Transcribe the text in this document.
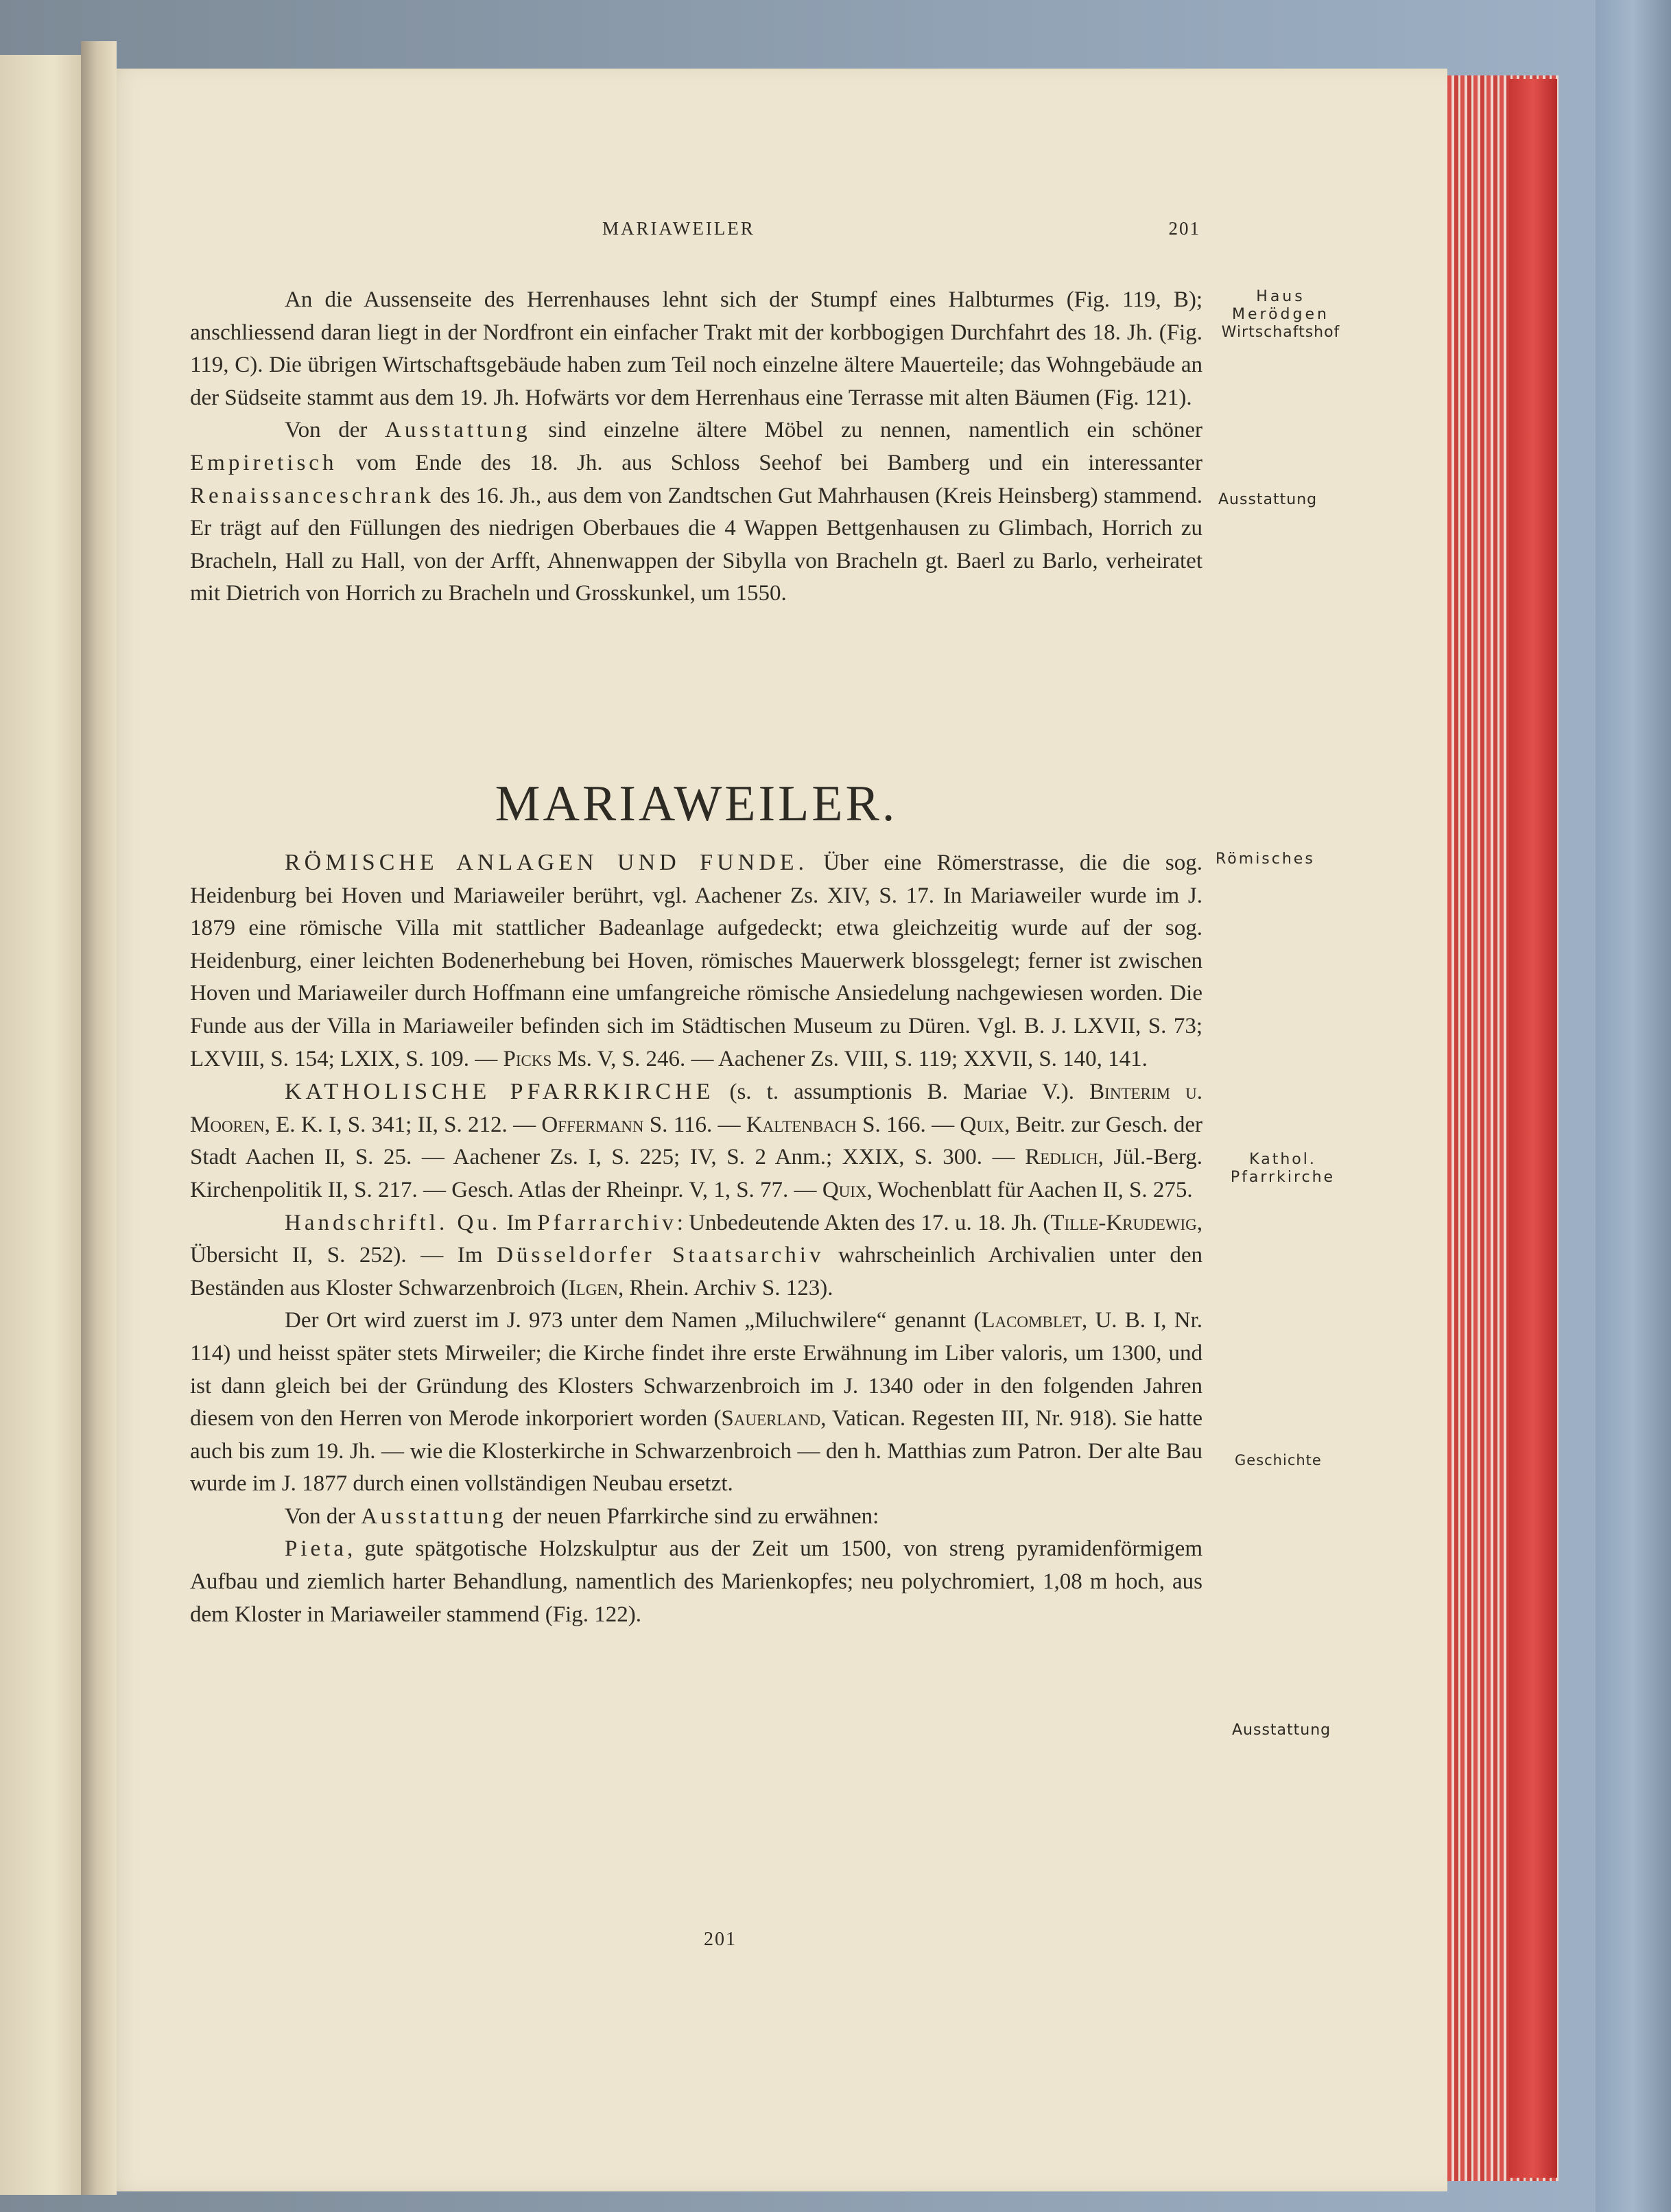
MARIAWEILER	201

An die Aussenseite des Herrenhauses lehnt sich der Stumpf eines Halbturmes (Fig. 119, B); anschliessend daran liegt in der Nordfront ein einfacher Trakt mit der korbbogigen Durchfahrt des 18. Jh. (Fig. 119, C). Die übrigen Wirtschaftsgebäude haben zum Teil noch einzelne ältere Mauerteile; das Wohngebäude an der Südseite stammt aus dem 19. Jh. Hofwärts vor dem Herrenhaus eine Terrasse mit alten Bäumen (Fig. 121).

Von der Ausstattung sind einzelne ältere Möbel zu nennen, namentlich ein schöner Empiretisch vom Ende des 18. Jh. aus Schloss Seehof bei Bamberg und ein interessanter Renaissanceschrank des 16. Jh., aus dem von Zandtschen Gut Mahrhausen (Kreis Heinsberg) stammend. Er trägt auf den Füllungen des niedrigen Oberbaues die 4 Wappen Bettgenhausen zu Glimbach, Horrich zu Bracheln, Hall zu Hall, von der Arfft, Ahnenwappen der Sibylla von Bracheln gt. Baerl zu Barlo, verheiratet mit Dietrich von Horrich zu Bracheln und Grosskunkel, um 1550.

MARIAWEILER.

RÖMISCHE ANLAGEN UND FUNDE. Über eine Römerstrasse, die die sog. Heidenburg bei Hoven und Mariaweiler berührt, vgl. Aachener Zs. XIV, S. 17. In Mariaweiler wurde im J. 1879 eine römische Villa mit stattlicher Badeanlage aufgedeckt; etwa gleichzeitig wurde auf der sog. Heidenburg, einer leichten Bodenerhebung bei Hoven, römisches Mauerwerk blossgelegt; ferner ist zwischen Hoven und Mariaweiler durch Hoffmann eine umfangreiche römische Ansiedelung nachgewiesen worden. Die Funde aus der Villa in Mariaweiler befinden sich im Städtischen Museum zu Düren. Vgl. B. J. LXVII, S. 73; LXVIII, S. 154; LXIX, S. 109. — Picks Ms. V, S. 246. — Aachener Zs. VIII, S. 119; XXVII, S. 140, 141.

KATHOLISCHE PFARRKIRCHE (s. t. assumptionis B. Mariae V.). Binterim u. Mooren, E. K. I, S. 341; II, S. 212. — Offermann S. 116. — Kaltenbach S. 166. — Quix, Beitr. zur Gesch. der Stadt Aachen II, S. 25. — Aachener Zs. I, S. 225; IV, S. 2 Anm.; XXIX, S. 300. — Redlich, Jül.-Berg. Kirchenpolitik II, S. 217. — Gesch. Atlas der Rheinpr. V, 1, S. 77. — Quix, Wochenblatt für Aachen II, S. 275.

Handschriftl. Qu. Im Pfarrarchiv: Unbedeutende Akten des 17. u. 18. Jh. (Tille-Krudewig, Übersicht II, S. 252). — Im Düsseldorfer Staatsarchiv wahrscheinlich Archivalien unter den Beständen aus Kloster Schwarzenbroich (Ilgen, Rhein. Archiv S. 123).

Der Ort wird zuerst im J. 973 unter dem Namen „Miluchwilere“ genannt (Lacomblet, U. B. I, Nr. 114) und heisst später stets Mirweiler; die Kirche findet ihre erste Erwähnung im Liber valoris, um 1300, und ist dann gleich bei der Gründung des Klosters Schwarzenbroich im J. 1340 oder in den folgenden Jahren diesem von den Herren von Merode inkorporiert worden (Sauerland, Vatican. Regesten III, Nr. 918). Sie hatte auch bis zum 19. Jh. — wie die Klosterkirche in Schwarzenbroich — den h. Matthias zum Patron. Der alte Bau wurde im J. 1877 durch einen vollständigen Neubau ersetzt.

Von der Ausstattung der neuen Pfarrkirche sind zu erwähnen:

Pieta, gute spätgotische Holzskulptur aus der Zeit um 1500, von streng pyramidenförmigem Aufbau und ziemlich harter Behandlung, namentlich des Marienkopfes; neu polychromiert, 1,08 m hoch, aus dem Kloster in Mariaweiler stammend (Fig. 122).

Haus
Merödgen
Wirtschaftshof
Ausstattung
Römisches
Kathol.
Pfarrkirche
Geschichte
Ausstattung
201
